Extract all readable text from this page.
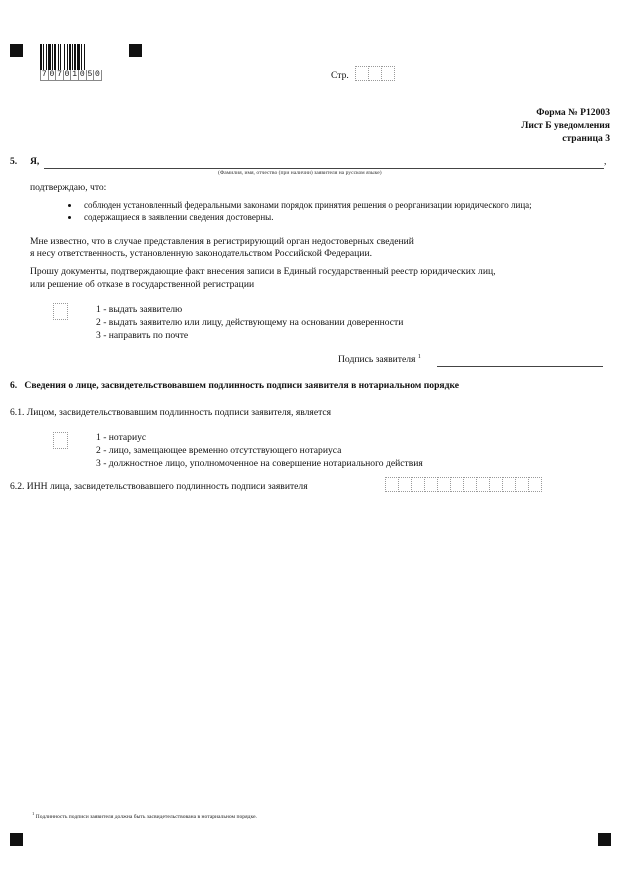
7 0 7 0 1 0 5 0	Стр.
Форма № Р12003
Лист Б уведомления
страница 3
5. Я,	,
(Фамилия, имя, отчество (при наличии) заявителя на русском языке)
подтверждаю, что:
соблюден установленный федеральными законами порядок принятия решения о реорганизации юридического лица;
содержащиеся в заявлении сведения достоверны.
Мне известно, что в случае представления в регистрирующий орган недостоверных сведений
я несу ответственность, установленную законодательством Российской Федерации.
Прошу документы, подтверждающие факт внесения записи в Единый государственный реестр юридических лиц,
или решение об отказе в государственной регистрации
1 - выдать заявителю
2 - выдать заявителю или лицу, действующему на основании доверенности
3 - направить по почте
Подпись заявителя $^1$
6.   Сведения о лице, засвидетельствовавшем подлинность подписи заявителя в нотариальном порядке
6.1. Лицом, засвидетельствовавшим подлинность подписи заявителя, является
1 - нотариус
2 - лицо, замещающее временно отсутствующего нотариуса
3 - должностное лицо, уполномоченное на совершение нотариального действия
6.2. ИНН лица, засвидетельствовавшего подлинность подписи заявителя
$^1$ Подлинность подписи заявителя должна быть засвидетельствована в нотариальном порядке.
